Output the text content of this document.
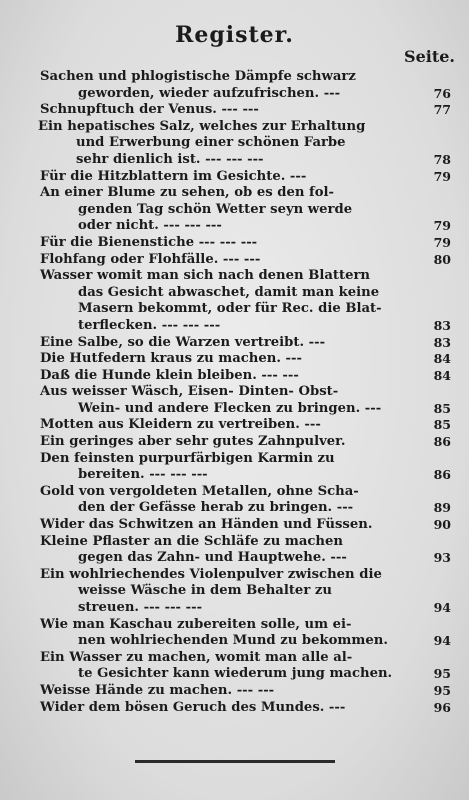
Register.
Seite.
Sachen und phlogistische Dämpfe schwarz
geworden, wieder aufzufrischen. ---	76
Schnupftuch der Venus. --- ---	77
Ein hepatisches Salz, welches zur Erhaltung
und Erwerbung einer schönen Farbe
sehr dienlich ist. --- --- ---	78
Für die Hitzblattern im Gesichte. ---	79
An einer Blume zu sehen, ob es den fol-
genden Tag schön Wetter seyn werde
oder nicht. --- --- ---	79
Für die Bienenstiche --- --- ---	79
Flohfang oder Flohfälle. --- ---	80
Wasser womit man sich nach denen Blattern
das Gesicht abwaschet, damit man keine
Masern bekommt, oder für Rec. die Blat-
terflecken. --- --- ---	83
Eine Salbe, so die Warzen vertreibt. ---	83
Die Hutfedern kraus zu machen. ---	84
Daß die Hunde klein bleiben. --- ---	84
Aus weisser Wäsch, Eisen- Dinten- Obst-
Wein- und andere Flecken zu bringen. ---	85
Motten aus Kleidern zu vertreiben. ---	85
Ein geringes aber sehr gutes Zahnpulver.	86
Den feinsten purpurfärbigen Karmin zu
bereiten. --- --- ---	86
Gold von vergoldeten Metallen, ohne Scha-
den der Gefässe herab zu bringen. ---	89
Wider das Schwitzen an Händen und Füssen.	90
Kleine Pflaster an die Schläfe zu machen
gegen das Zahn- und Hauptwehe. ---	93
Ein wohlriechendes Violenpulver zwischen die
weisse Wäsche in dem Behalter zu
streuen. --- --- ---	94
Wie man Kaschau zubereiten solle, um ei-
nen wohlriechenden Mund zu bekommen.	94
Ein Wasser zu machen, womit man alle al-
te Gesichter kann wiederum jung machen.	95
Weisse Hände zu machen. --- ---	95
Wider dem bösen Geruch des Mundes. ---	96
